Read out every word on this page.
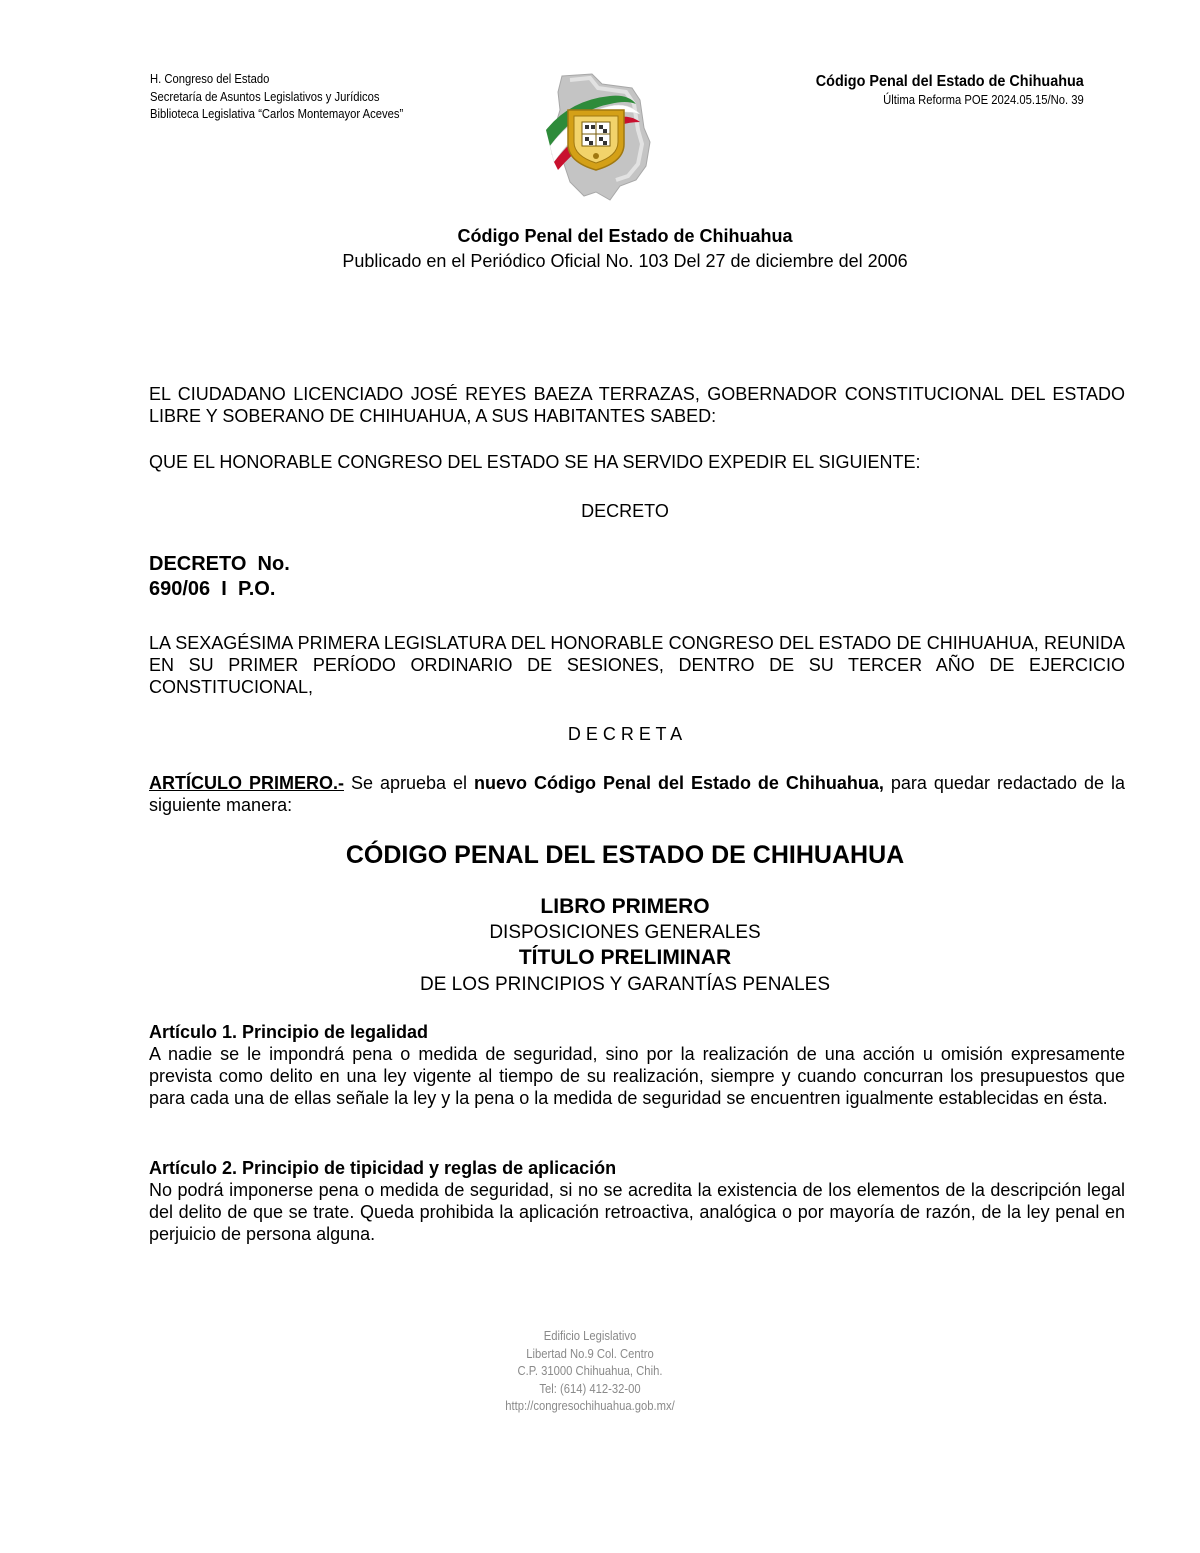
H. Congreso del Estado
Secretaría de Asuntos Legislativos y Jurídicos
Biblioteca Legislativa “Carlos Montemayor Aceves”
Código Penal del Estado de Chihuahua
Última Reforma POE 2024.05.15/No. 39
Código Penal del Estado de Chihuahua
Publicado en el Periódico Oficial No. 103 Del 27 de diciembre del 2006
EL CIUDADANO LICENCIADO JOSÉ REYES BAEZA TERRAZAS, GOBERNADOR CONSTITUCIONAL DEL ESTADO LIBRE Y SOBERANO DE CHIHUAHUA, A SUS HABITANTES SABED:
QUE EL HONORABLE CONGRESO DEL ESTADO SE HA SERVIDO EXPEDIR EL SIGUIENTE:
DECRETO
DECRETO  No.
690/06  I  P.O.
LA SEXAGÉSIMA PRIMERA LEGISLATURA DEL HONORABLE CONGRESO DEL ESTADO DE CHIHUAHUA, REUNIDA EN SU PRIMER PERÍODO ORDINARIO DE SESIONES, DENTRO DE SU TERCER AÑO DE EJERCICIO CONSTITUCIONAL,
D E C R E T A
ARTÍCULO PRIMERO.- Se aprueba el nuevo Código Penal del Estado de Chihuahua, para quedar redactado de la siguiente manera:
CÓDIGO PENAL DEL ESTADO DE CHIHUAHUA
LIBRO PRIMERO
DISPOSICIONES GENERALES
TÍTULO PRELIMINAR
DE LOS PRINCIPIOS Y GARANTÍAS PENALES

Artículo 1. Principio de legalidad

A nadie se le impondrá pena o medida de seguridad, sino por la realización de una acción u omisión expresamente prevista como delito en una ley vigente al tiempo de su realización, siempre y cuando concurran los presupuestos que para cada una de ellas señale la ley y la pena o la medida de seguridad se encuentren igualmente establecidas en ésta.

Artículo 2. Principio de tipicidad y reglas de aplicación

No podrá imponerse pena o medida de seguridad, si no se acredita la existencia de los elementos de la descripción legal del delito de que se trate. Queda prohibida la aplicación retroactiva, analógica o por mayoría de razón, de la ley penal en perjuicio de persona alguna.

Edificio Legislativo
Libertad No.9 Col. Centro
C.P. 31000 Chihuahua, Chih.
Tel: (614) 412-32-00
http://congresochihuahua.gob.mx/
